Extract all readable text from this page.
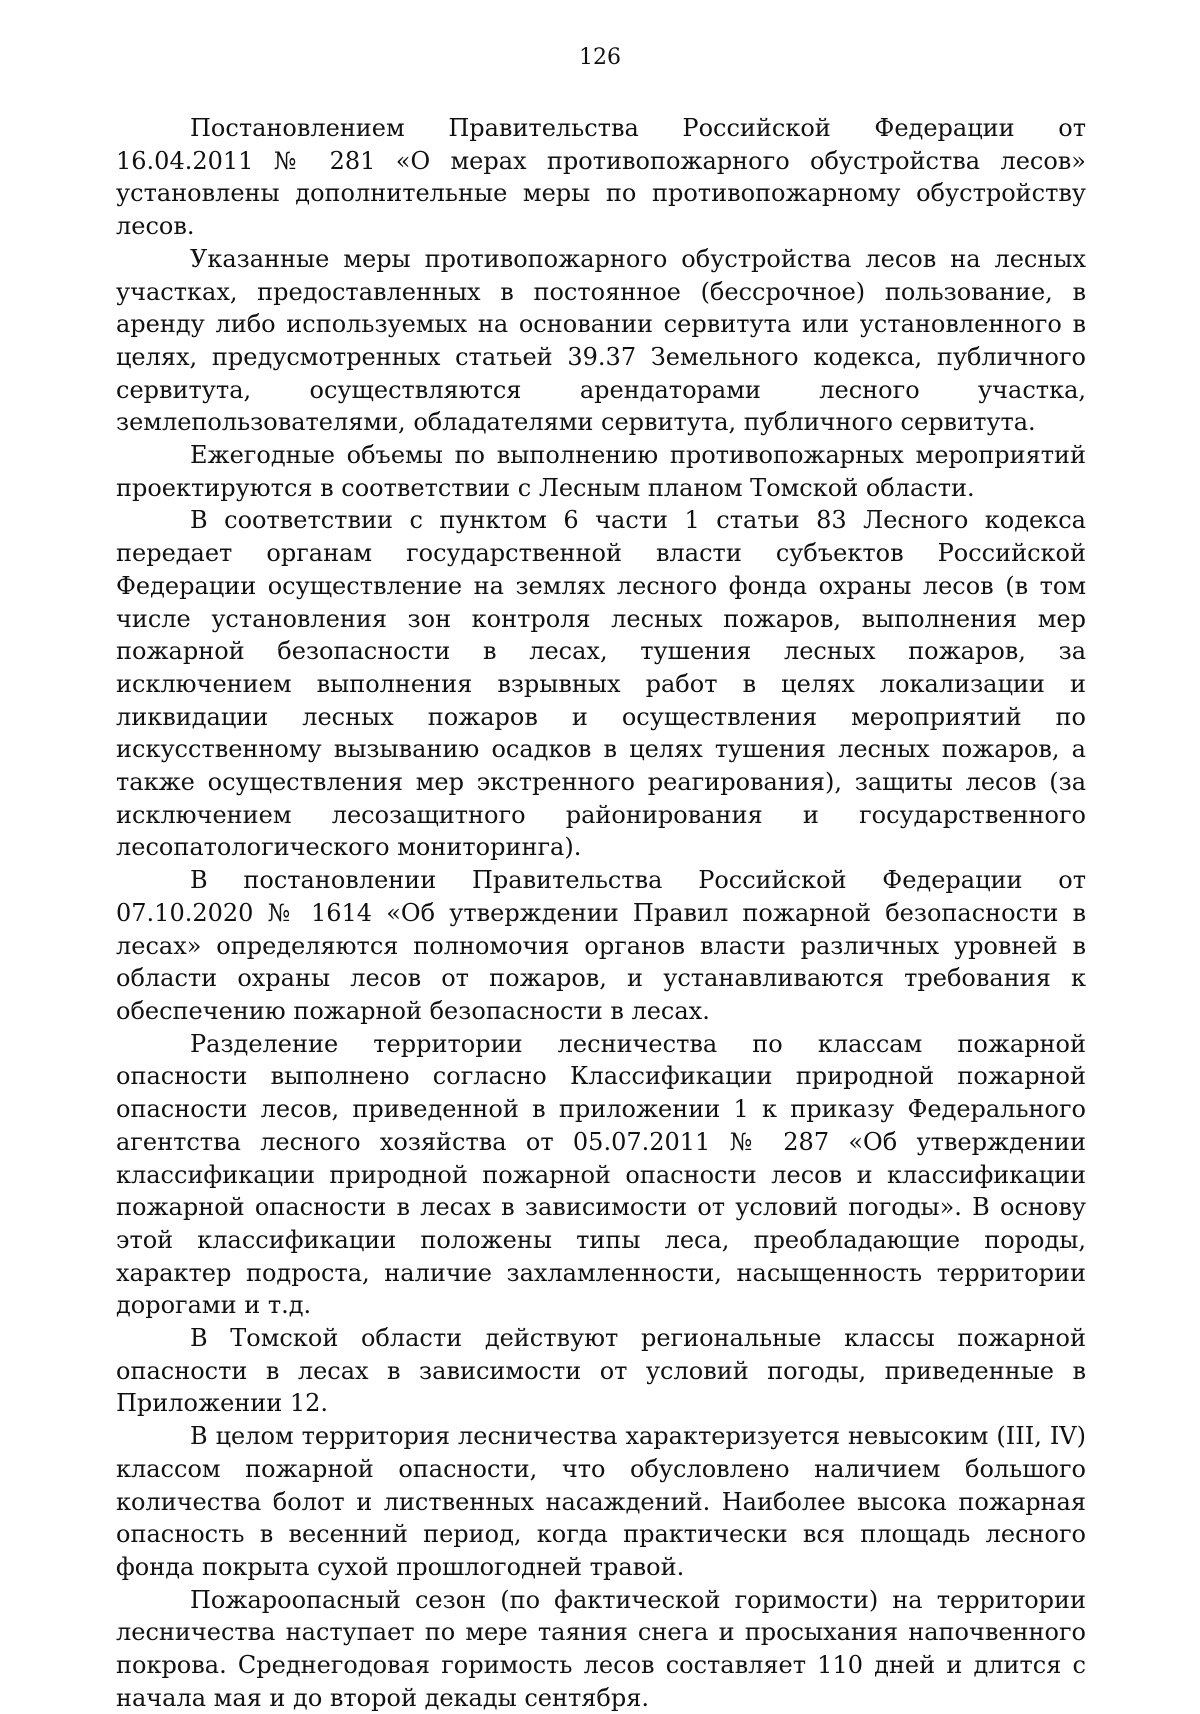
126

Постановлением Правительства Российской Федерации от 16.04.2011 № 281 «О мерах противопожарного обустройства лесов» установлены дополнительные меры по противопожарному обустройству лесов.

Указанные меры противопожарного обустройства лесов на лесных участках, предоставленных в постоянное (бессрочное) пользование, в аренду либо используемых на основании сервитута или установленного в целях, предусмотренных статьей 39.37 Земельного кодекса, публичного сервитута, осуществляются арендаторами лесного участка, землепользователями, обладателями сервитута, публичного сервитута.

Ежегодные объемы по выполнению противопожарных мероприятий проектируются в соответствии с Лесным планом Томской области.

В соответствии с пунктом 6 части 1 статьи 83 Лесного кодекса передает органам государственной власти субъектов Российской Федерации осуществление на землях лесного фонда охраны лесов (в том числе установления зон контроля лесных пожаров, выполнения мер пожарной безопасности в лесах, тушения лесных пожаров, за исключением выполнения взрывных работ в целях локализации и ликвидации лесных пожаров и осуществления мероприятий по искусственному вызыванию осадков в целях тушения лесных пожаров, а также осуществления мер экстренного реагирования), защиты лесов (за исключением лесозащитного районирования и государственного лесопатологического мониторинга).

В постановлении Правительства Российской Федерации от 07.10.2020 № 1614 «Об утверждении Правил пожарной безопасности в лесах» определяются полномочия органов власти различных уровней в области охраны лесов от пожаров, и устанавливаются требования к обеспечению пожарной безопасности в лесах.

Разделение территории лесничества по классам пожарной опасности выполнено согласно Классификации природной пожарной опасности лесов, приведенной в приложении 1 к приказу Федерального агентства лесного хозяйства от 05.07.2011 № 287 «Об утверждении классификации природной пожарной опасности лесов и классификации пожарной опасности в лесах в зависимости от условий погоды». В основу этой классификации положены типы леса, преобладающие породы, характер подроста, наличие захламленности, насыщенность территории дорогами и т.д.

В Томской области действуют региональные классы пожарной опасности в лесах в зависимости от условий погоды, приведенные в Приложении 12.

В целом территория лесничества характеризуется невысоким (III, IV) классом пожарной опасности, что обусловлено наличием большого количества болот и лиственных насаждений. Наиболее высока пожарная опасность в весенний период, когда практически вся площадь лесного фонда покрыта сухой прошлогодней травой.

Пожароопасный сезон (по фактической горимости) на территории лесничества наступает по мере таяния снега и просыхания напочвенного покрова. Среднегодовая горимость лесов составляет 110 дней и длится с начала мая и до второй декады сентября.
